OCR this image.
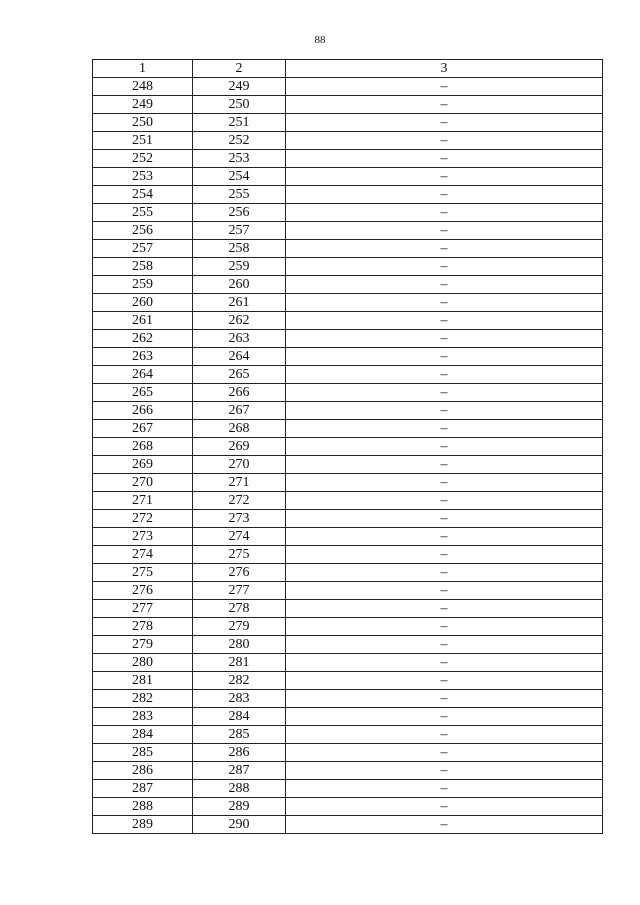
88
1	2	3
248	249	–
249	250	–
250	251	–
251	252	–
252	253	–
253	254	–
254	255	–
255	256	–
256	257	–
257	258	–
258	259	–
259	260	–
260	261	–
261	262	–
262	263	–
263	264	–
264	265	–
265	266	–
266	267	–
267	268	–
268	269	–
269	270	–
270	271	–
271	272	–
272	273	–
273	274	–
274	275	–
275	276	–
276	277	–
277	278	–
278	279	–
279	280	–
280	281	–
281	282	–
282	283	–
283	284	–
284	285	–
285	286	–
286	287	–
287	288	–
288	289	–
289	290	–
